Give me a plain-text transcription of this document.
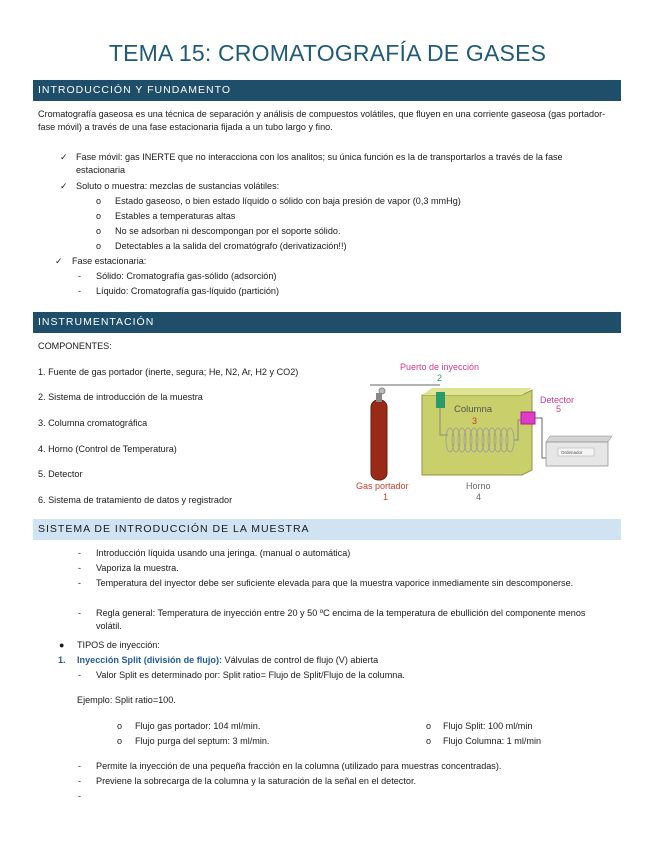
TEMA 15: CROMATOGRAFÍA DE GASES
INTRODUCCIÓN Y FUNDAMENTO
Cromatografía gaseosa es una técnica de separación y análisis de compuestos volátiles, que fluyen en una corriente gaseosa (gas portador-fase móvil) a través de una fase estacionaria fijada a un tubo largo y fino.
✓ Fase móvil: gas INERTE que no interacciona con los analitos; su única función es la de transportarlos a través de la fase estacionaria
✓ Soluto o muestra: mezclas de sustancias volátiles:
o Estado gaseoso, o bien estado líquido o sólido con baja presión de vapor (0,3 mmHg)
o Estables a temperaturas altas
o No se adsorban ni descompongan por el soporte sólido.
o Detectables a la salida del cromatógrafo (derivatización!!)
✓ Fase estacionaria:
- Sólido: Cromatografía gas-sólido (adsorción)
- Líquido: Cromatografía gas-líquido (partición)
INSTRUMENTACIÓN
COMPONENTES:
1. Fuente de gas portador (inerte, segura; He, N2, Ar, H2 y CO2)
2. Sistema de introducción de la muestra
3. Columna cromatográfica
4. Horno (Control de Temperatura)
5. Detector
6. Sistema de tratamiento de datos y registrador
Ordenador
Puerto de inyección
2
Columna
3
Detector
5
Gas portador
1
Horno
4
SISTEMA DE INTRODUCCIÓN DE LA MUESTRA
- Introducción líquida usando una jeringa. (manual o automática)
- Vaporiza la muestra.
- Temperatura del inyector debe ser suficiente elevada para que la muestra vaporice inmediamente sin descomponerse.
- Regla general: Temperatura de inyección entre 20 y 50 ºC encima de la temperatura de ebullición del componente menos volátil.
● TIPOS de inyección:
1. Inyección Split (división de flujo): Válvulas de control de flujo (V) abierta
- Valor Split es determinado por: Split ratio= Flujo de Split/Flujo de la columna.
Ejemplo: Split ratio=100.
o Flujo gas portador: 104 ml/min.
o Flujo purga del septum: 3 ml/min.
o Flujo Split: 100 ml/min
o Flujo Columna: 1 ml/min
- Permite la inyección de una pequeña fracción en la columna (utilizado para muestras concentradas).
- Previene la sobrecarga de la columna y la saturación de la señal en el detector.
-
